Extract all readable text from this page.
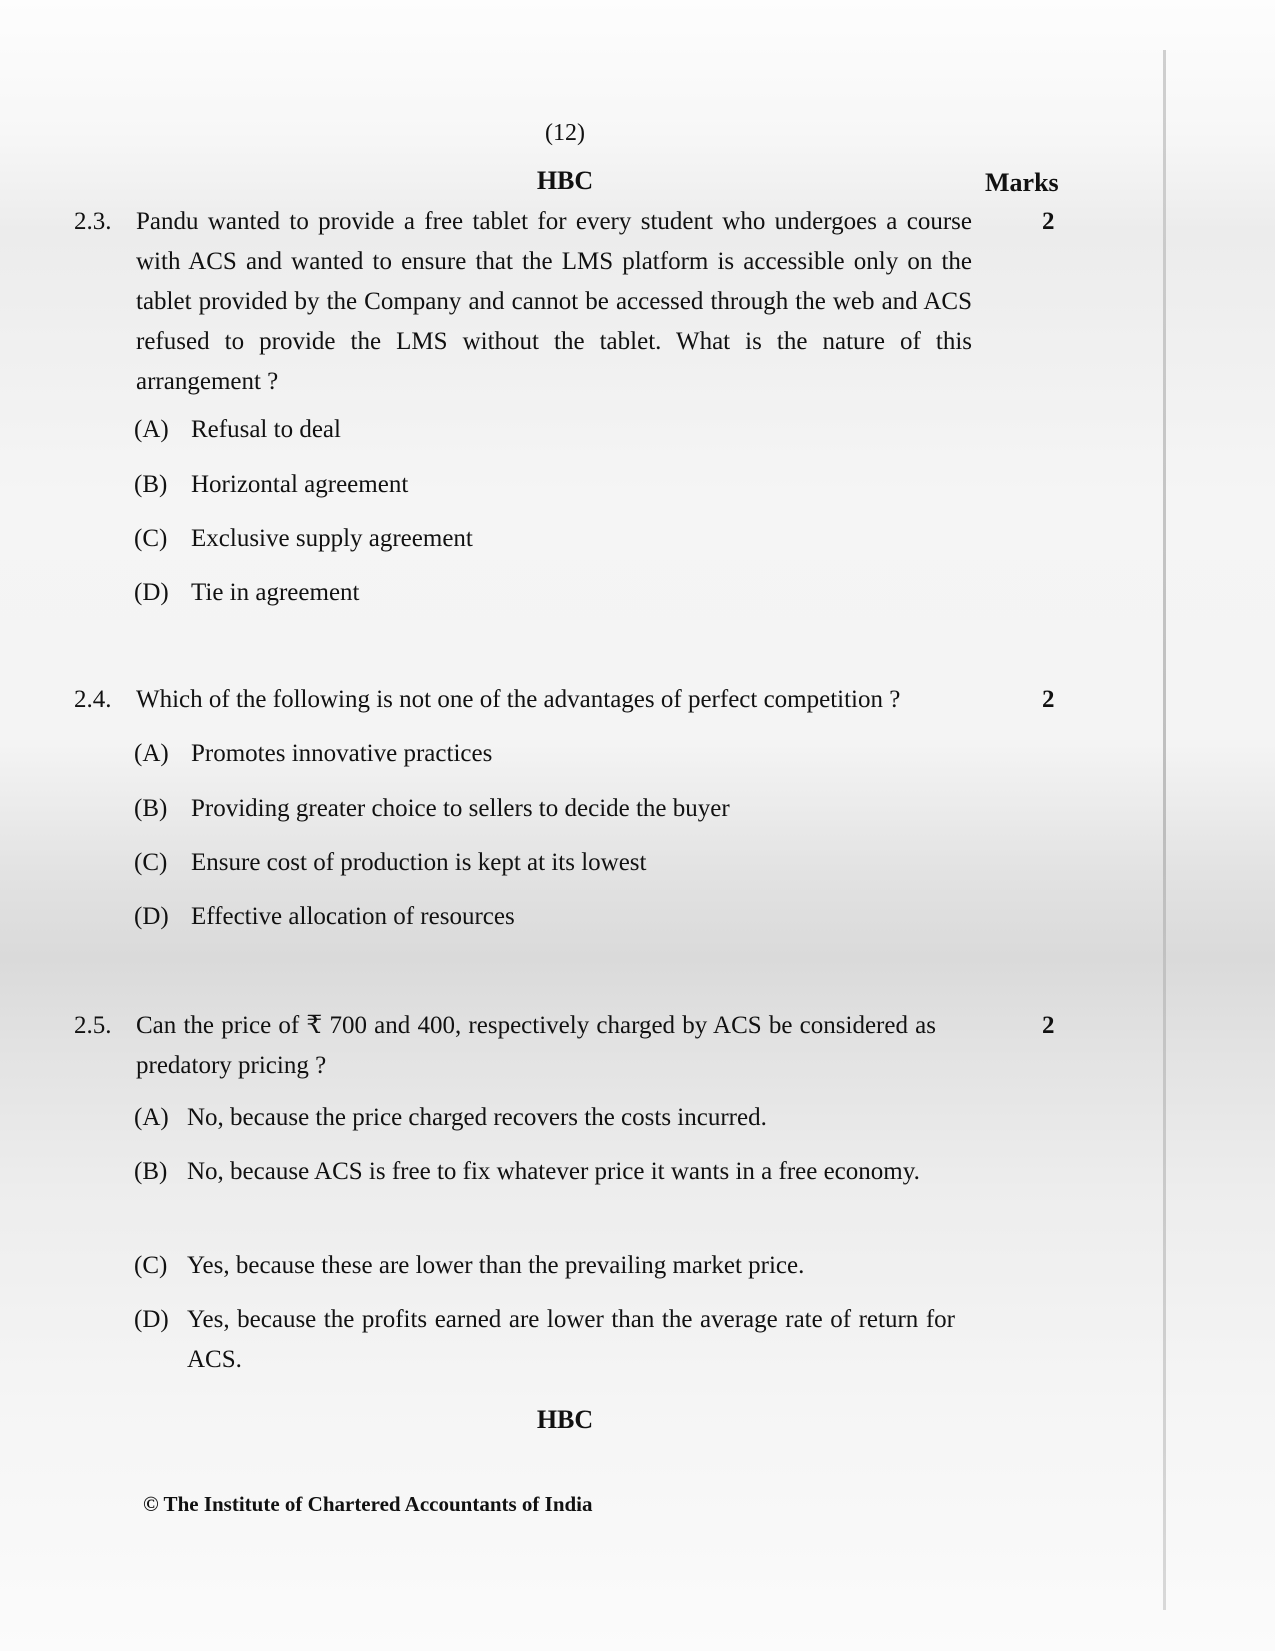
(12)
HBC	Marks
2.3. Pandu wanted to provide a free tablet for every student who undergoes a course with ACS and wanted to ensure that the LMS platform is accessible only on the tablet provided by the Company and cannot be accessed through the web and ACS refused to provide the LMS without the tablet. What is the nature of this arrangement ?
2
(A) Refusal to deal
(B) Horizontal agreement
(C) Exclusive supply agreement
(D) Tie in agreement
2.4. Which of the following is not one of the advantages of perfect competition ?	2
(A) Promotes innovative practices
(B) Providing greater choice to sellers to decide the buyer
(C) Ensure cost of production is kept at its lowest
(D) Effective allocation of resources
2.5. Can the price of ₹ 700 and 400, respectively charged by ACS be considered as predatory pricing ?
2
(A) No, because the price charged recovers the costs incurred.
(B) No, because ACS is free to fix whatever price it wants in a free economy.
(C) Yes, because these are lower than the prevailing market price.
(D) Yes, because the profits earned are lower than the average rate of return for ACS.
HBC
© The Institute of Chartered Accountants of India
